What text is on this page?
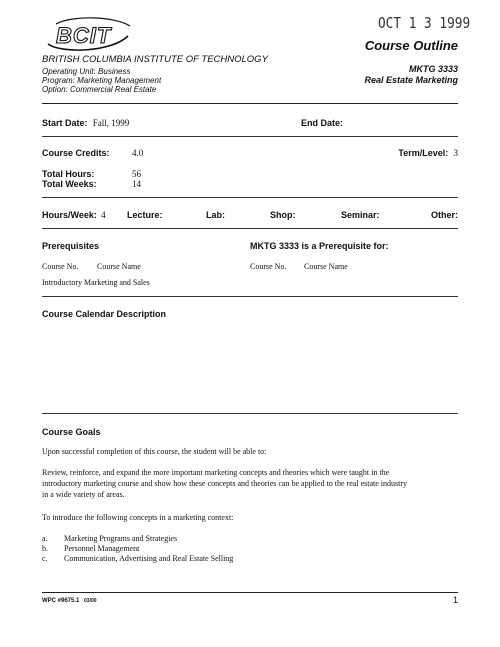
BCIT	OCT 1 3 1999
Course Outline
BRITISH COLUMBIA INSTITUTE OF TECHNOLOGY
Operating Unit: Business
Program: Marketing Management
Option: Commercial Real Estate
MKTG 3333
Real Estate Marketing
Start Date: Fall, 1999	End Date:
Course Credits: 4.0	Term/Level: 3
Total Hours:	56
Total Weeks:	14
Hours/Week: 4 Lecture:	Lab:	Shop:	Seminar:	Other:
Prerequisites	MKTG 3333 is a Prerequisite for:
Course No. Course Name	Course No. Course Name
Introductory Marketing and Sales
Course Calendar Description
Course Goals
Upon successful completion of this course, the student will be able to:
Review, reinforce, and expand the more important marketing concepts and theories which were taught in the
introductory marketing course and show how these concepts and theories can be applied to the real estate industry
in a wide variety of areas.
To introduce the following concepts in a marketing context:
a. Marketing Programs and Strategies
b. Personnel Management
c. Communication, Advertising and Real Estate Selling
WPC #9675.1 03/00	1
